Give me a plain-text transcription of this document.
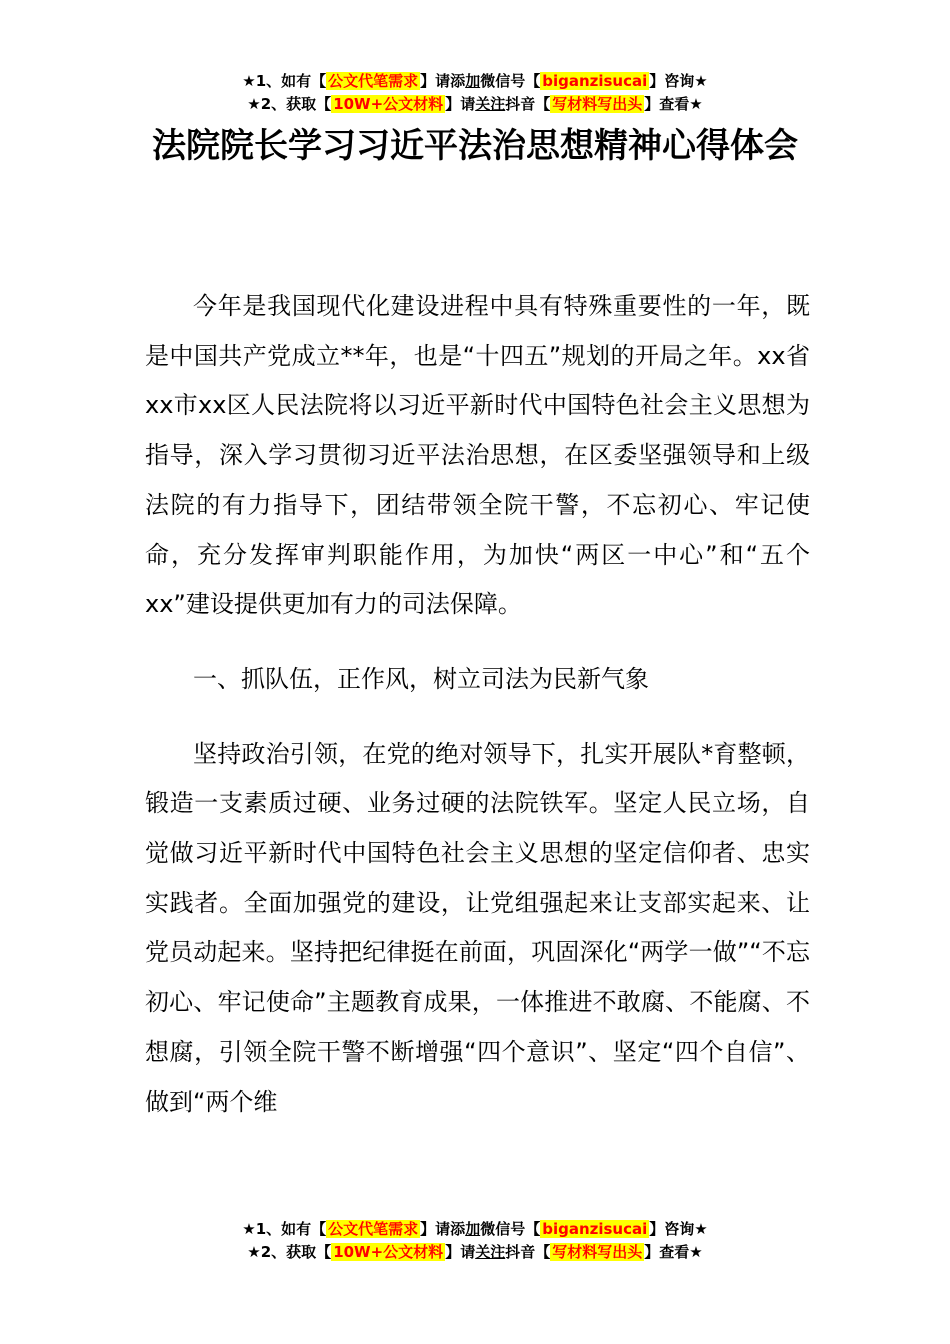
★1、如有【 公文代笔需求 】请添加微信号【 biganzisucai 】咨询★
★2、获取【 10W+公文材料 】请关注抖音【 写材料写出头 】查看★
法院院长学习习近平法治思想精神心得体会

今年是我国现代化建设进程中具有特殊重要性的一年，既是中国共产党成立**年，也是“十四五”规划的开局之年。xx省xx市xx区人民法院将以习近平新时代中国特色社会主义思想为指导，深入学习贯彻习近平法治思想，在区委坚强领导和上级法院的有力指导下，团结带领全院干警，不忘初心、牢记使命，充分发挥审判职能作用，为加快“两区一中心”和“五个xx”建设提供更加有力的司法保障。

一、抓队伍，正作风，树立司法为民新气象

坚持政治引领，在党的绝对领导下，扎实开展队*育整顿，锻造一支素质过硬、业务过硬的法院铁军。坚定人民立场，自觉做习近平新时代中国特色社会主义思想的坚定信仰者、忠实实践者。全面加强党的建设，让党组强起来让支部实起来、让党员动起来。坚持把纪律挺在前面，巩固深化“两学一做”“不忘初心、牢记使命”主题教育成果，一体推进不敢腐、不能腐、不想腐，引领全院干警不断增强“四个意识”、坚定“四个自信”、做到“两个维

★1、如有【 公文代笔需求 】请添加微信号【 biganzisucai 】咨询★
★2、获取【 10W+公文材料 】请关注抖音【 写材料写出头 】查看★
